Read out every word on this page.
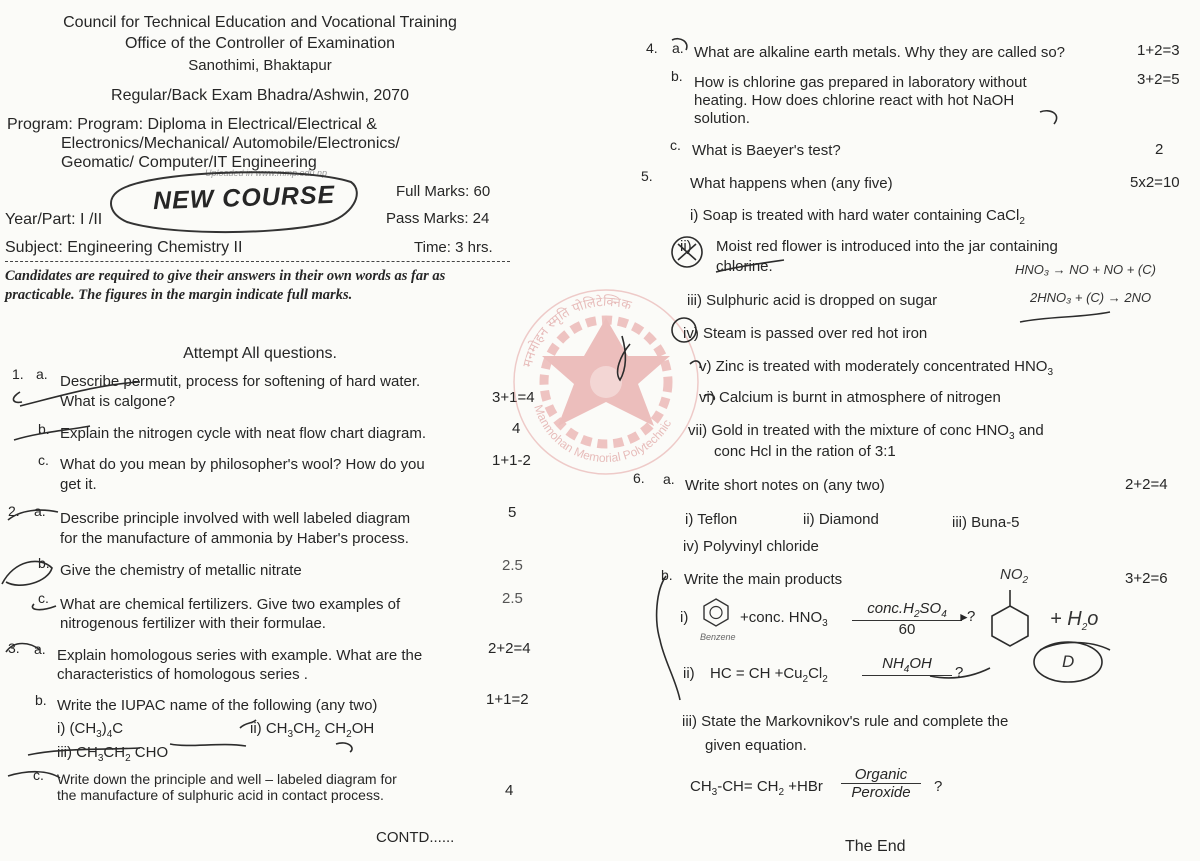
Council for Technical Education and Vocational Training
Office of the Controller of Examination
Sanothimi, Bhaktapur
Regular/Back Exam Bhadra/Ashwin, 2070
Program: Program: Diploma in Electrical/Electrical &
Electronics/Mechanical/ Automobile/Electronics/
Geomatic/ Computer/IT Engineering
Uploaded in www.mmp.edu.np
NEW COURSE	Full Marks: 60
Year/Part: I /II	Pass Marks: 24
Subject: Engineering Chemistry II	Time: 3 hrs.
Candidates are required to give their answers in their own words as far as practicable. The figures in the margin indicate full marks.
Attempt All questions.
1. a. Describe permutit, process for softening of hard water.
What is calgone?	3+1=4
b. Explain the nitrogen cycle with neat flow chart diagram.	4
c. What do you mean by philosopher's wool? How do you
get it.
1+1-2
2. a. Describe principle involved with well labeled diagram
for the manufacture of ammonia by Haber's process.
5
b. Give the chemistry of metallic nitrate	2.5
c. What are chemical fertilizers. Give two examples of
nitrogenous fertilizer with their formulae.
2.5
3. a. Explain homologous series with example. What are the
characteristics of homologous series .
2+2=4
b. Write the IUPAC name of the following (any two)	1+1=2
i) $(CH_3)_4C$	ii) $CH_3CH_2$ $CH_2OH$
iii) $CH_3CH_2$ CHO
c. Write down the principle and well – labeled diagram for
the manufacture of sulphuric acid in contact process.	4
CONTD......
मनमोहन स्मृति पोलिटेक्निक
Manmohan Memorial Polytechnic
4. a. What are alkaline earth metals. Why they are called so?	1+2=3
b. How is chlorine gas prepared in laboratory without
heating. How does chlorine react with hot NaOH
solution.
3+2=5
c. What is Baeyer's test?	2
5. What happens when (any five)	5x2=10
i) Soap is treated with hard water containing CaCl$_2$
ii) Moist red flower is introduced into the jar containing
chlorine.
iii) Sulphuric acid is dropped on sugar
iv) Steam is passed over red hot iron
v) Zinc is treated with moderately concentrated $HNO_3$
vi) Calcium is burnt in atmosphere of nitrogen
vii) Gold in treated with the mixture of conc $HNO_3$ and
conc Hcl in the ration of 3:1
6. a. Write short notes on (any two)	2+2=4
i) Teflon	ii) Diamond	iii) Buna-5
iv) Polyvinyl chloride
b. Write the main products	3+2=6
i)	+conc. $HNO_3 \frac{conc.H_2SO_4}{60}$
►
?
ii) HC = CH $+Cu_2Cl_2$
$NH_4OH$
?
iii) State the Markovnikov's rule and complete the
given equation.
$CH_3-CH= CH_2 +HBr \frac{\text{Organic}}{\text{Peroxide}}$ ?
The End
$NO_2$
+ $H_2o$
D
Benzene
HNO₃ → NO + NO + (C)
2HNO₃ + (C) → 2NO
